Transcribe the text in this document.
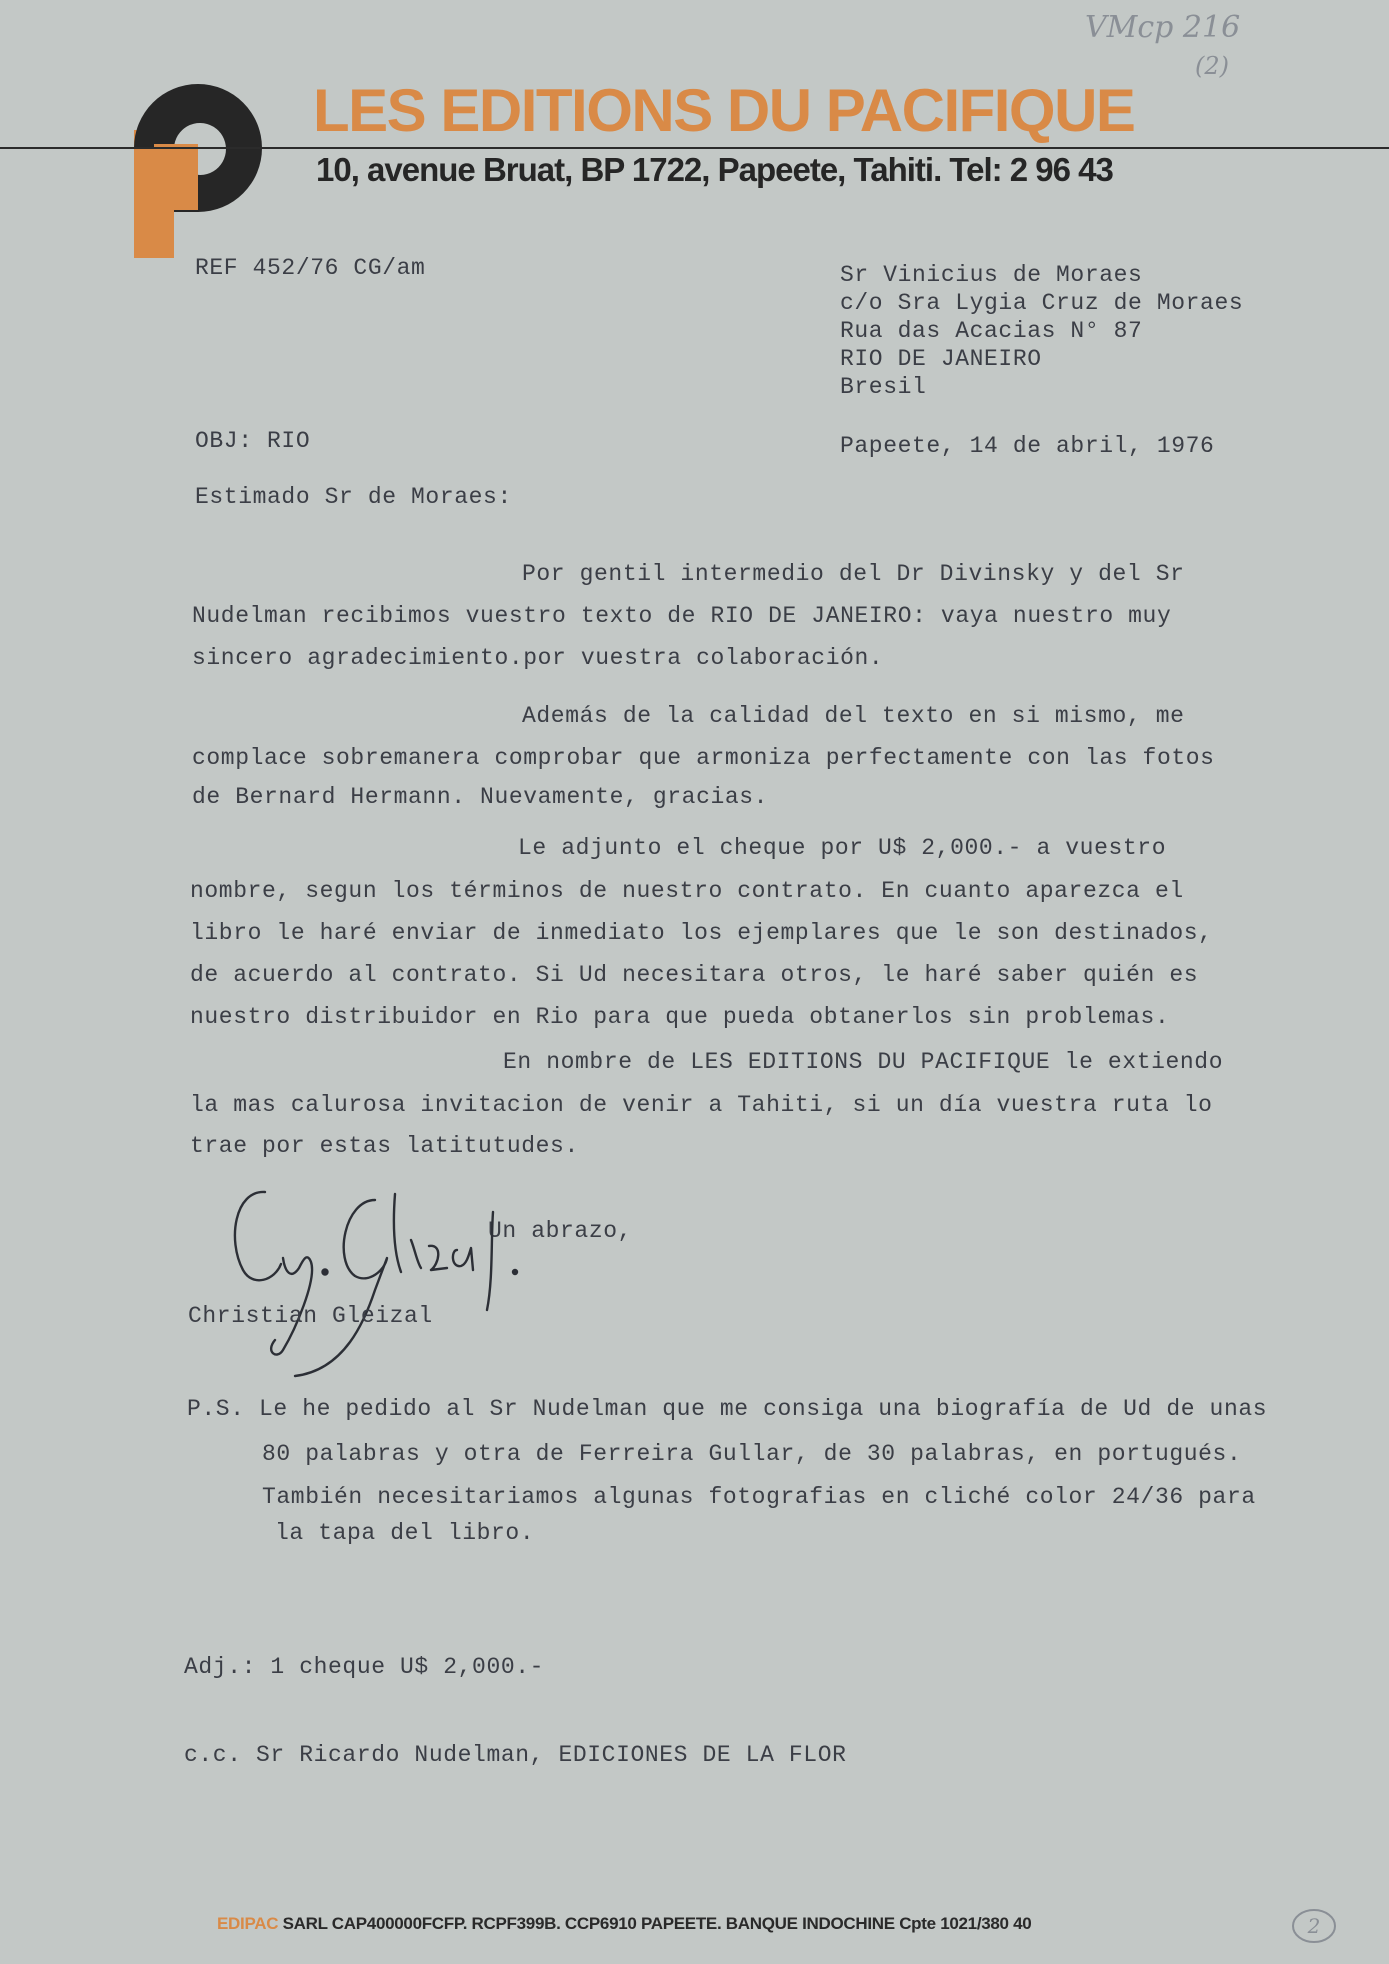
VMcp 216
(2)
LES EDITIONS DU PACIFIQUE
10, avenue Bruat, BP 1722, Papeete, Tahiti. Tel: 2 96 43
REF 452/76 CG/am	Sr Vinicius de Moraes
c/o Sra Lygia Cruz de Moraes
Rua das Acacias N° 87
RIO DE JANEIRO
Bresil
OBJ: RIO	Papeete, 14 de abril, 1976
Estimado Sr de Moraes:
Por gentil intermedio del Dr Divinsky y del Sr
Nudelman recibimos vuestro texto de RIO DE JANEIRO: vaya nuestro muy
sincero agradecimiento.por vuestra colaboración.
Además de la calidad del texto en si mismo, me
complace sobremanera comprobar que armoniza perfectamente con las fotos
de Bernard Hermann. Nuevamente, gracias.
Le adjunto el cheque por U$ 2,000.- a vuestro
nombre, segun los términos de nuestro contrato. En cuanto aparezca el
libro le haré enviar de inmediato los ejemplares que le son destinados,
de acuerdo al contrato. Si Ud necesitara otros, le haré saber quién es
nuestro distribuidor en Rio para que pueda obtanerlos sin problemas.
En nombre de LES EDITIONS DU PACIFIQUE le extiendo
la mas calurosa invitacion de venir a Tahiti, si un día vuestra ruta lo
trae por estas latitutudes.
Un abrazo,
Christian Gleizal
P.S. Le he pedido al Sr Nudelman que me consiga una biografía de Ud de unas
80 palabras y otra de Ferreira Gullar, de 30 palabras, en portugués.
También necesitariamos algunas fotografias en cliché color 24/36 para
la tapa del libro.
Adj.: 1 cheque U$ 2,000.-
c.c. Sr Ricardo Nudelman, EDICIONES DE LA FLOR
EDIPAC SARL CAP400000FCFP. RCPF399B. CCP6910 PAPEETE. BANQUE INDOCHINE Cpte 1021/380 40	2
